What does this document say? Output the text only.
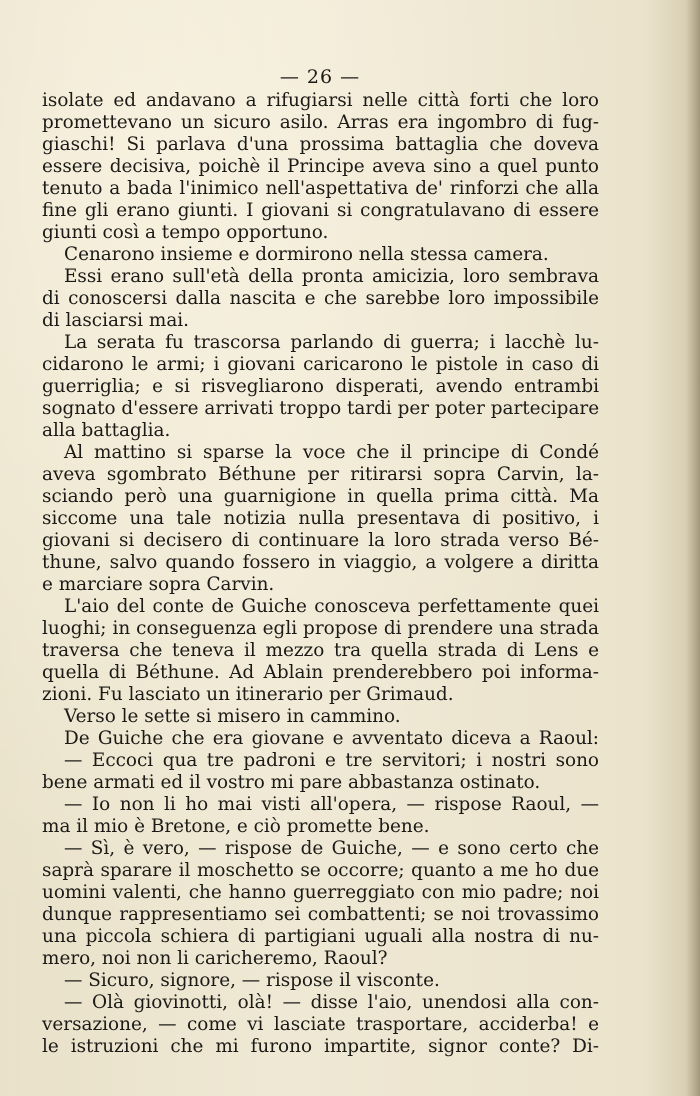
— 26 —
isolate ed andavano a rifugiarsi nelle città forti che loro
promettevano un sicuro asilo. Arras era ingombro di fug-
giaschi! Si parlava d'una prossima battaglia che doveva
essere decisiva, poichè il Principe aveva sino a quel punto
tenuto a bada l'inimico nell'aspettativa de' rinforzi che alla
fine gli erano giunti. I giovani si congratulavano di essere
giunti così a tempo opportuno.
Cenarono insieme e dormirono nella stessa camera.
Essi erano sull'età della pronta amicizia, loro sembrava
di conoscersi dalla nascita e che sarebbe loro impossibile
di lasciarsi mai.
La serata fu trascorsa parlando di guerra; i lacchè lu-
cidarono le armi; i giovani caricarono le pistole in caso di
guerriglia; e si risvegliarono disperati, avendo entrambi
sognato d'essere arrivati troppo tardi per poter partecipare
alla battaglia.
Al mattino si sparse la voce che il principe di Condé
aveva sgombrato Béthune per ritirarsi sopra Carvin, la-
sciando però una guarnigione in quella prima città. Ma
siccome una tale notizia nulla presentava di positivo, i
giovani si decisero di continuare la loro strada verso Bé-
thune, salvo quando fossero in viaggio, a volgere a diritta
e marciare sopra Carvin.
L'aio del conte de Guiche conosceva perfettamente quei
luoghi; in conseguenza egli propose di prendere una strada
traversa che teneva il mezzo tra quella strada di Lens e
quella di Béthune. Ad Ablain prenderebbero poi informa-
zioni. Fu lasciato un itinerario per Grimaud.
Verso le sette si misero in cammino.
De Guiche che era giovane e avventato diceva a Raoul:
— Eccoci qua tre padroni e tre servitori; i nostri sono
bene armati ed il vostro mi pare abbastanza ostinato.
— Io non li ho mai visti all'opera, — rispose Raoul, —
ma il mio è Bretone, e ciò promette bene.
— Sì, è vero, — rispose de Guiche, — e sono certo che
saprà sparare il moschetto se occorre; quanto a me ho due
uomini valenti, che hanno guerreggiato con mio padre; noi
dunque rappresentiamo sei combattenti; se noi trovassimo
una piccola schiera di partigiani uguali alla nostra di nu-
mero, noi non li caricheremo, Raoul?
— Sicuro, signore, — rispose il visconte.
— Olà giovinotti, olà! — disse l'aio, unendosi alla con-
versazione, — come vi lasciate trasportare, acciderba! e
le istruzioni che mi furono impartite, signor conte? Di-
